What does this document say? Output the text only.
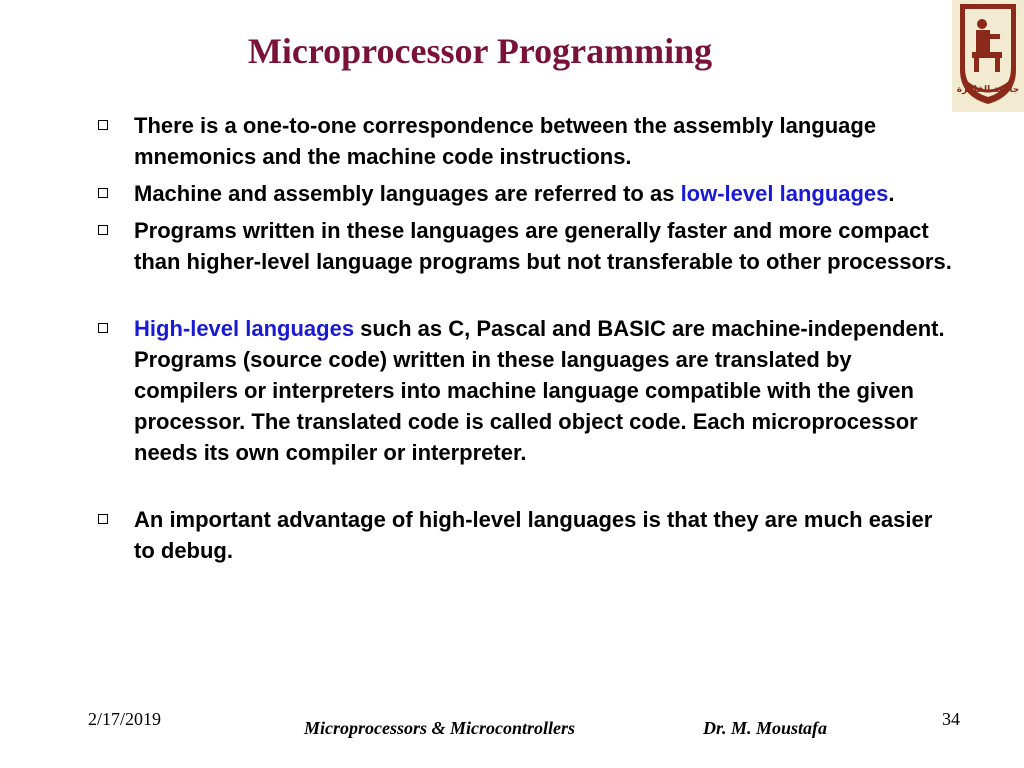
Microprocessor Programming
جامعة القاهرة
There is a one-to-one correspondence between the assembly language mnemonics and the machine code instructions.
Machine and assembly languages are referred to as low-level languages.
Programs written in these languages are generally faster and more compact than higher-level language programs but not transferable to other processors.
High-level languages such as C, Pascal and BASIC are machine-independent. Programs (source code) written in these languages are translated by compilers or interpreters into machine language compatible with the given processor. The translated code is called object code. Each microprocessor needs its own compiler or interpreter.
An important advantage of high-level languages is that they are much easier to debug.
2/17/2019	Microprocessors & Microcontrollers	Dr. M. Moustafa	34
